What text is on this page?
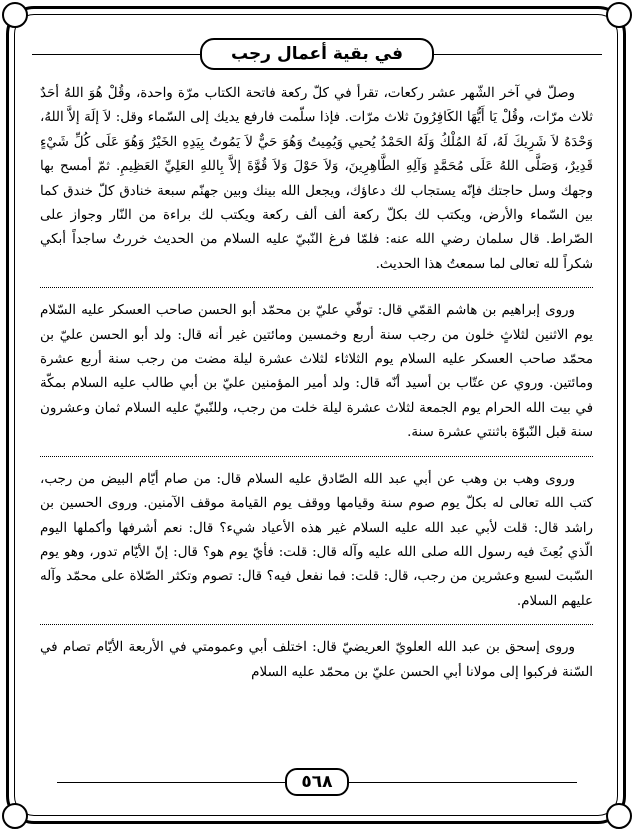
في بقية أعمال رجب

وصلّ في آخر الشّهر عشر ركعات، تقرأ في كلّ ركعة فاتحة الكتاب مرّة واحدة، وقُلْ هُوَ اللهُ أحَدٌ ثلاث مرّات، وقُلْ يَا أَيُّهَا الكَافِرُونَ ثلاث مرّات. فإذا سلّمت فارفع يديك إلى السّماء وقل: لاَ إلَهَ إلاَّ اللهُ، وَحْدَهُ لاَ شَرِيكَ لَهُ، لَهُ المُلْكُ وَلَهُ الحَمْدُ يُحيي وَيُمِيتُ وَهُوَ حَيٌّ لاَ يَمُوتُ بِيَدِهِ الخَيْرُ وَهُوَ عَلَى كُلِّ شَيْءٍ قَدِيرٌ، وَصَلَّى اللهُ عَلَى مُحَمَّدٍ وَآلِهِ الطَّاهِرِينَ، وَلاَ حَوْلَ وَلاَ قُوَّةَ إلاَّ بِاللهِ العَلِيِّ العَظِيمِ. ثمّ أمسح بها وجهك وسل حاجتك فإنّه يستجاب لك دعاؤك، ويجعل الله بينك وبين جهنّم سبعة خنادق كلّ خندق كما بين السّماء والأرض، ويكتب لك بكلّ ركعة ألف ألف ركعة ويكتب لك براءة من النّار وجواز على الصّراط. قال سلمان رضي الله عنه: فلمّا فرغ النّبيّ عليه السلام من الحديث خررتُ ساجداً أبكي شكراً لله تعالى لما سمعتُ هذا الحديث.

وروى إبراهيم بن هاشم القمّي قال: توفّي عليّ بن محمّد أبو الحسن صاحب العسكر عليه السّلام يوم الاثنين لثلاثٍ خلون من رجب سنة أربع وخمسين ومائتين غير أنه قال: ولد أبو الحسن عليّ بن محمّد صاحب العسكر عليه السلام يوم الثلاثاء لثلاث عشرة ليلة مضت من رجب سنة أربع عشرة ومائتين. وروي عن عتّاب بن أسيد أنّه قال: ولد أمير المؤمنين عليّ بن أبي طالب عليه السلام بمكّة في بيت الله الحرام يوم الجمعة لثلاث عشرة ليلة خلت من رجب، وللنّبيّ عليه السلام ثمان وعشرون سنة قبل النّبوّة باثنتي عشرة سنة.

وروى وهب بن وهب عن أبي عبد الله الصّادق عليه السلام قال: من صام أيّام البيض من رجب، كتب الله تعالى له بكلّ يوم صوم سنة وقيامها ووقف يوم القيامة موقف الآمنين. وروى الحسين بن راشد قال: قلت لأبي عبد الله عليه السلام غير هذه الأعياد شيء؟ قال: نعم أشرفها وأكملها اليوم الّذي بُعِثَ فيه رسول الله صلى الله عليه وآله قال: قلت: فأيّ يوم هو؟ قال: إنّ الأيّام تدور، وهو يوم السّبت لسبع وعشرين من رجب، قال: قلت: فما نفعل فيه؟ قال: تصوم وتكثر الصّلاة على محمّد وآله عليهم السلام.

وروى إسحق بن عبد الله العلويّ العريضيّ قال: اختلف أبي وعمومتي في الأربعة الأيّام تصام في السّنة فركبوا إلى مولانا أبي الحسن عليّ بن محمّد عليه السلام

٥٦٨
